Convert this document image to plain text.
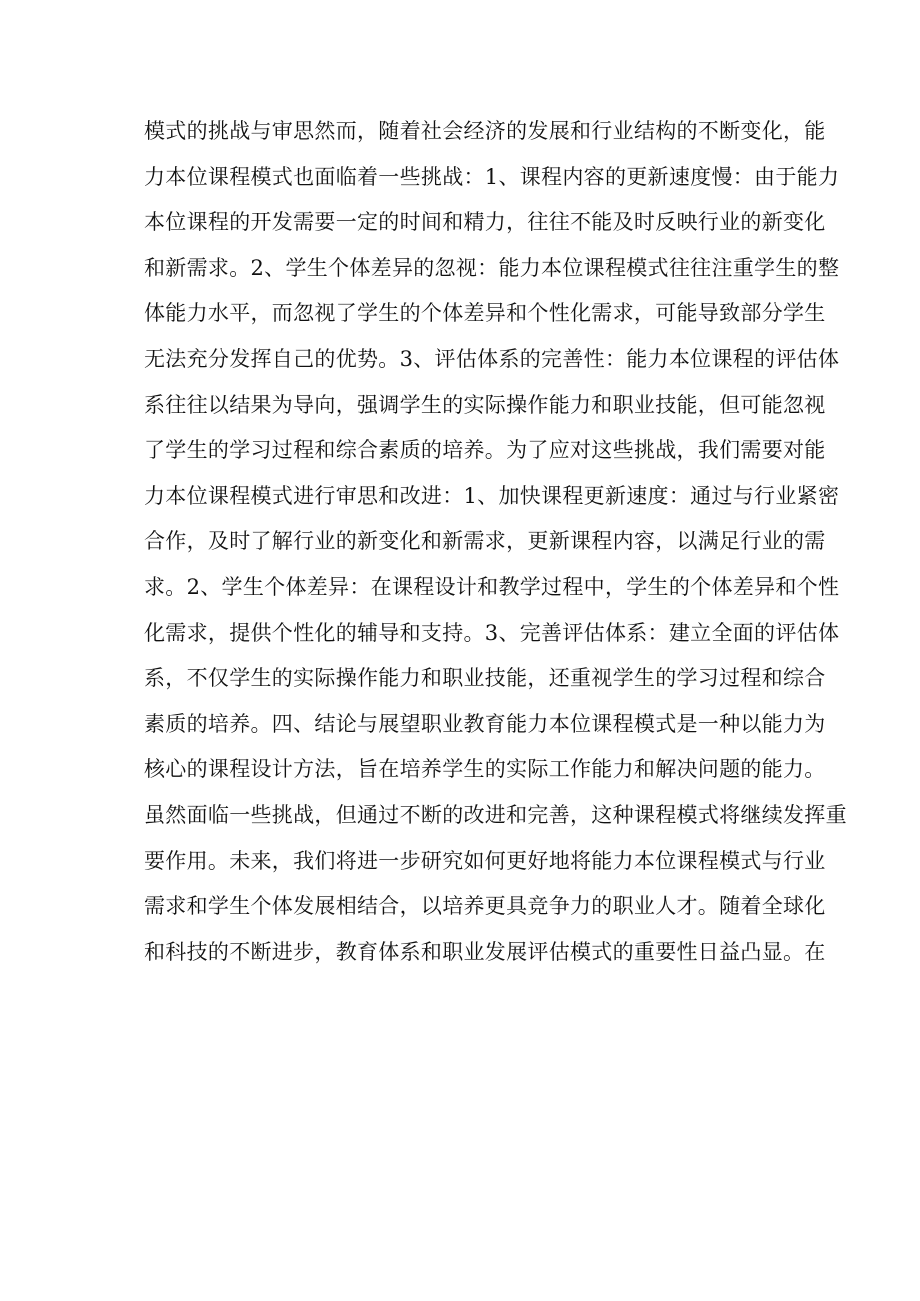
模式的挑战与审思然而，随着社会经济的发展和行业结构的不断变化，能
力本位课程模式也面临着一些挑战：1、课程内容的更新速度慢：由于能力
本位课程的开发需要一定的时间和精力，往往不能及时反映行业的新变化
和新需求。2、学生个体差异的忽视：能力本位课程模式往往注重学生的整
体能力水平，而忽视了学生的个体差异和个性化需求，可能导致部分学生
无法充分发挥自己的优势。3、评估体系的完善性：能力本位课程的评估体
系往往以结果为导向，强调学生的实际操作能力和职业技能，但可能忽视
了学生的学习过程和综合素质的培养。为了应对这些挑战，我们需要对能
力本位课程模式进行审思和改进：1、加快课程更新速度：通过与行业紧密
合作，及时了解行业的新变化和新需求，更新课程内容，以满足行业的需
求。2、学生个体差异：在课程设计和教学过程中，学生的个体差异和个性
化需求，提供个性化的辅导和支持。3、完善评估体系：建立全面的评估体
系，不仅学生的实际操作能力和职业技能，还重视学生的学习过程和综合
素质的培养。四、结论与展望职业教育能力本位课程模式是一种以能力为
核心的课程设计方法，旨在培养学生的实际工作能力和解决问题的能力。
虽然面临一些挑战，但通过不断的改进和完善，这种课程模式将继续发挥重
要作用。未来，我们将进一步研究如何更好地将能力本位课程模式与行业
需求和学生个体发展相结合，以培养更具竞争力的职业人才。随着全球化
和科技的不断进步，教育体系和职业发展评估模式的重要性日益凸显。在
